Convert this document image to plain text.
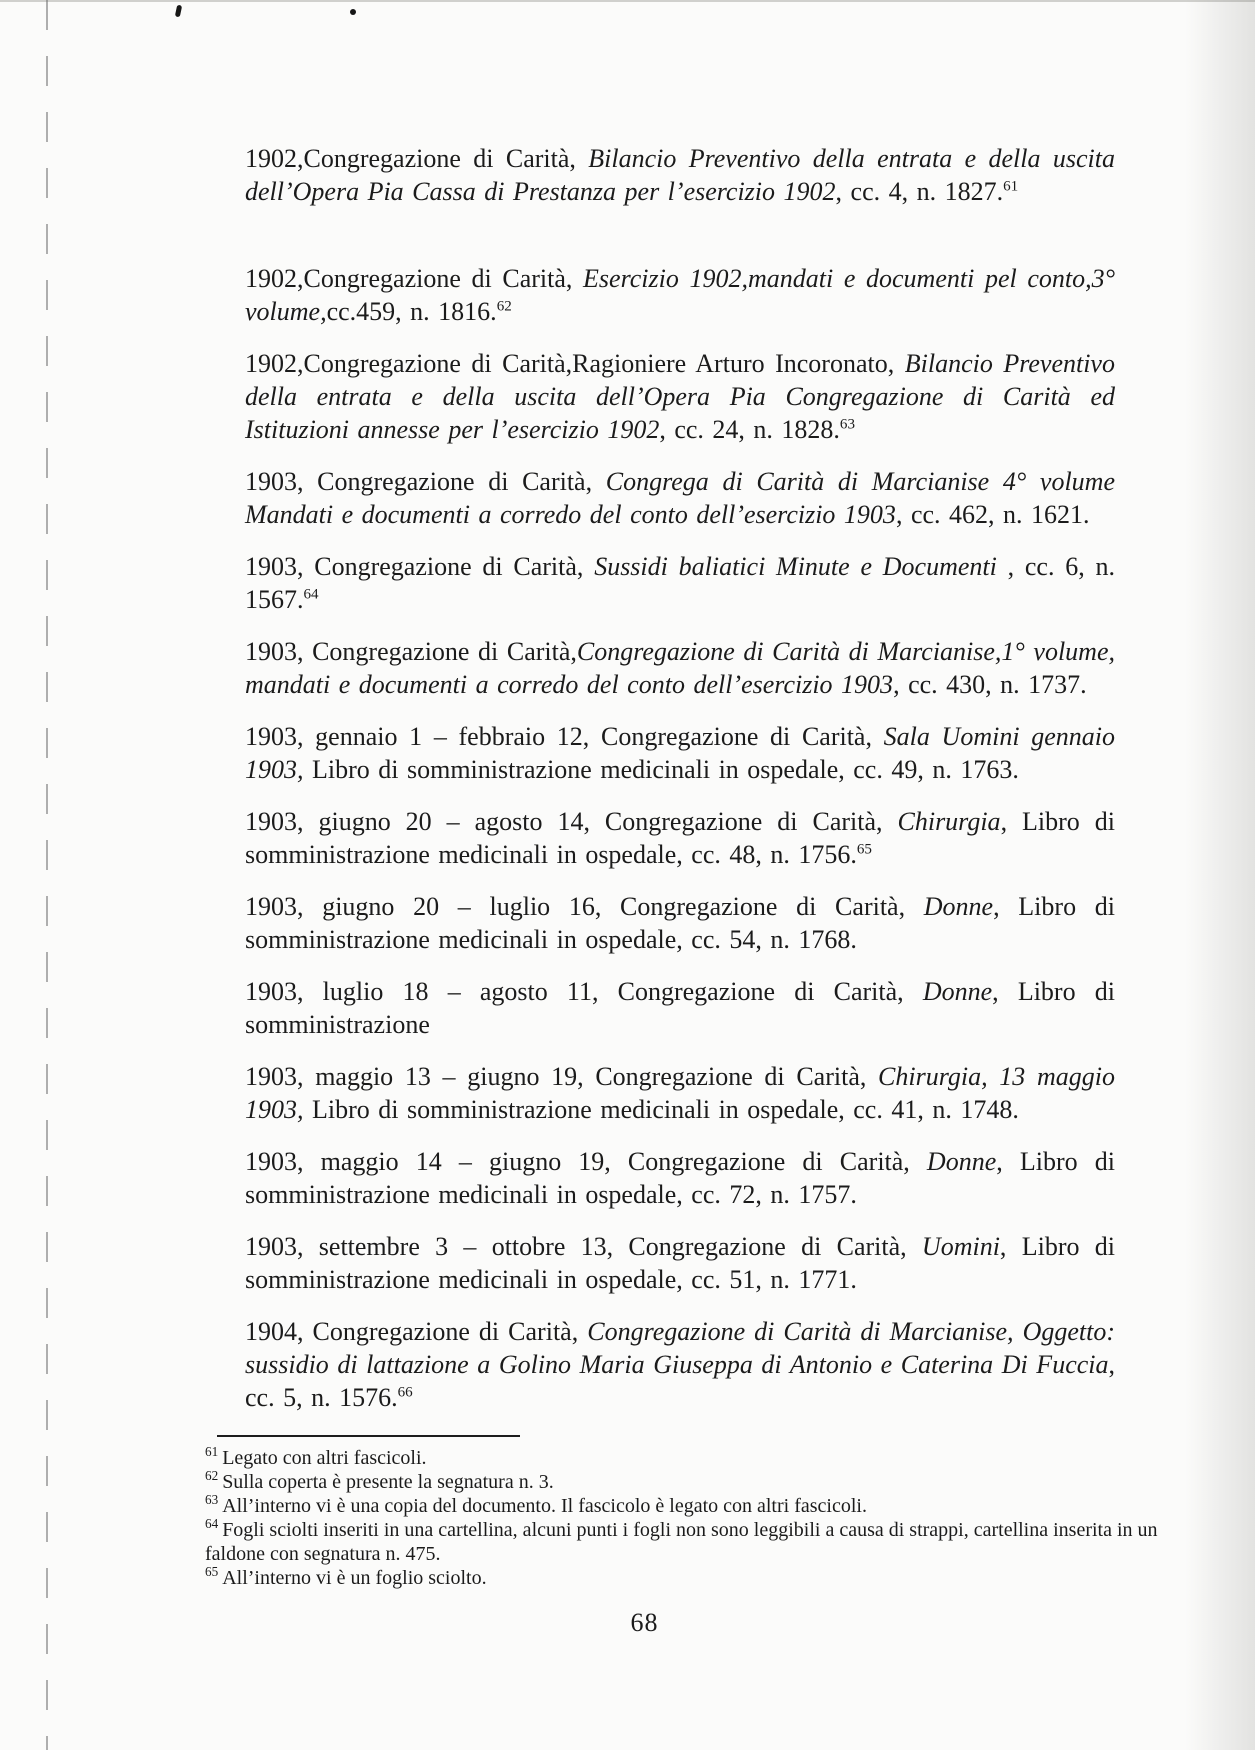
1902,Congregazione di Carità, Bilancio Preventivo della entrata e della uscita dell’Opera Pia Cassa di Prestanza per l’esercizio 1902, cc. 4, n. 1827.61

1902,Congregazione di Carità, Esercizio 1902,mandati e documenti pel conto,3° volume,cc.459, n. 1816.62

1902,Congregazione di Carità,Ragioniere Arturo Incoronato, Bilancio Preventivo della entrata e della uscita dell’Opera Pia Congregazione di Carità ed Istituzioni annesse per l’esercizio 1902, cc. 24, n. 1828.63

1903, Congregazione di Carità, Congrega di Carità di Marcianise 4° volume Mandati e documenti a corredo del conto dell’esercizio 1903, cc. 462, n. 1621.

1903, Congregazione di Carità, Sussidi baliatici Minute e Documenti , cc. 6, n. 1567.64

1903, Congregazione di Carità,Congregazione di Carità di Marcianise,1° volume, mandati e documenti a corredo del conto dell’esercizio 1903, cc. 430, n. 1737.

1903, gennaio 1 – febbraio 12, Congregazione di Carità, Sala Uomini gennaio 1903, Libro di somministrazione medicinali in ospedale, cc. 49, n. 1763.

1903, giugno 20 – agosto 14, Congregazione di Carità, Chirurgia, Libro di somministrazione medicinali in ospedale, cc. 48, n. 1756.65

1903, giugno 20 – luglio 16, Congregazione di Carità, Donne, Libro di somministrazione medicinali in ospedale, cc. 54, n. 1768.

1903, luglio 18 – agosto 11, Congregazione di Carità, Donne, Libro di somministrazione

1903, maggio 13 – giugno 19, Congregazione di Carità, Chirurgia, 13 maggio 1903, Libro di somministrazione medicinali in ospedale, cc. 41, n. 1748.

1903, maggio 14 – giugno 19, Congregazione di Carità, Donne, Libro di somministrazione medicinali in ospedale, cc. 72, n. 1757.

1903, settembre 3 – ottobre 13, Congregazione di Carità, Uomini, Libro di somministrazione medicinali in ospedale, cc. 51, n. 1771.

1904, Congregazione di Carità, Congregazione di Carità di Marcianise, Oggetto: sussidio di lattazione a Golino Maria Giuseppa di Antonio e Caterina Di Fuccia, cc. 5, n. 1576.66

$^{61}$ Legato con altri fascicoli.
$^{62}$ Sulla coperta è presente la segnatura n. 3.
$^{63}$ All’interno vi è una copia del documento. Il fascicolo è legato con altri fascicoli.
$^{64}$ Fogli sciolti inseriti in una cartellina, alcuni punti i fogli non sono leggibili a causa di strappi, cartellina inserita in un faldone con segnatura n. 475.
$^{65}$ All’interno vi è un foglio sciolto.
68
